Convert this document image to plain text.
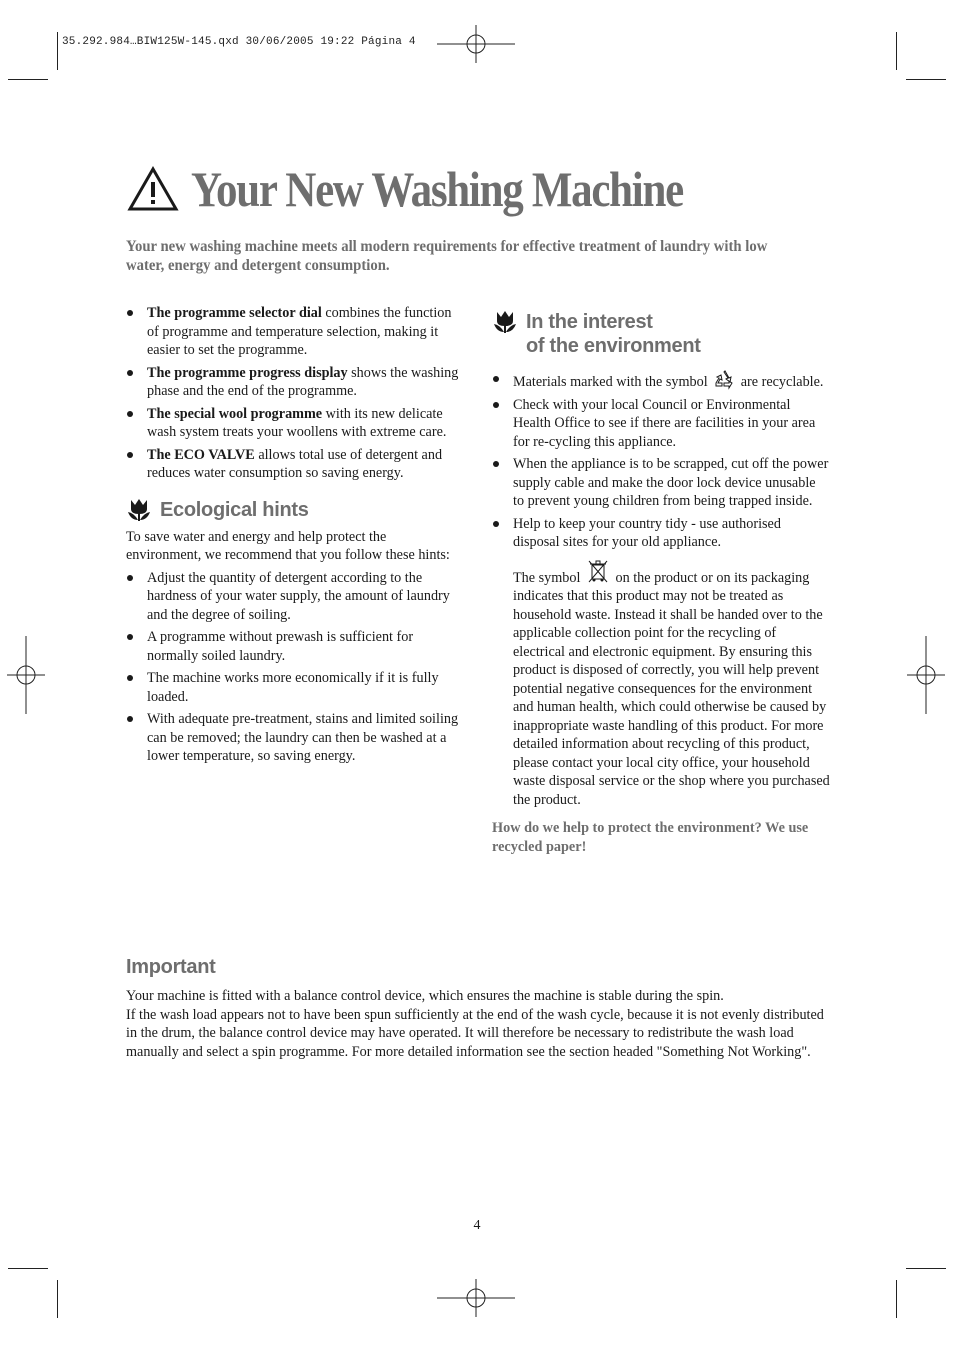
35.292.984…BIW125W-145.qxd 30/06/2005 19:22 Página 4
Your New Washing Machine
Your new washing machine meets all modern requirements for effective treatment of laundry with low water, energy and detergent consumption.
The programme selector dial combines the function of programme and temperature selection, making it easier to set the programme.
The programme progress display shows the washing phase and the end of the programme.
The special wool programme with its new delicate wash system treats your woollens with extreme care.
The ECO VALVE allows total use of detergent and reduces water consumption so saving energy.
Ecological hints

To save water and energy and help protect the environment, we recommend that you follow these hints:

Adjust the quantity of detergent according to the hardness of your water supply, the amount of laundry and the degree of soiling.
A programme without prewash is sufficient for normally soiled laundry.
The machine works more economically if it is fully loaded.
With adequate pre-treatment, stains and limited soiling can be removed; the laundry can then be washed at a lower temperature, so saving energy.
In the interest
of the environment
Materials marked with the symbol are recyclable.
Check with your local Council or Environmental Health Office to see if there are facilities in your area for re-cycling this appliance.
When the appliance is to be scrapped, cut off the power supply cable and make the door lock device unusable to prevent young children from being trapped inside.
Help to keep your country tidy - use authorised disposal sites for your old appliance.

The symbol on the product or on its packaging indicates that this product may not be treated as household waste. Instead it shall be handed over to the applicable collection point for the recycling of electrical and electronic equipment. By ensuring this product is disposed of correctly, you will help prevent potential negative consequences for the environment and human health, which could otherwise be caused by inappropriate waste handling of this product. For more detailed information about recycling of this product, please contact your local city office, your household waste disposal service or the shop where you purchased the product.

How do we help to protect the environment? We use recycled paper!

Important

Your machine is fitted with a balance control device, which ensures the machine is stable during the spin.

If the wash load appears not to have been spun sufficiently at the end of the wash cycle, because it is not evenly distributed in the drum, the balance control device may have operated. It will therefore be necessary to redistribute the wash load manually and select a spin programme. For more detailed information see the section headed "Something Not Working".

4
